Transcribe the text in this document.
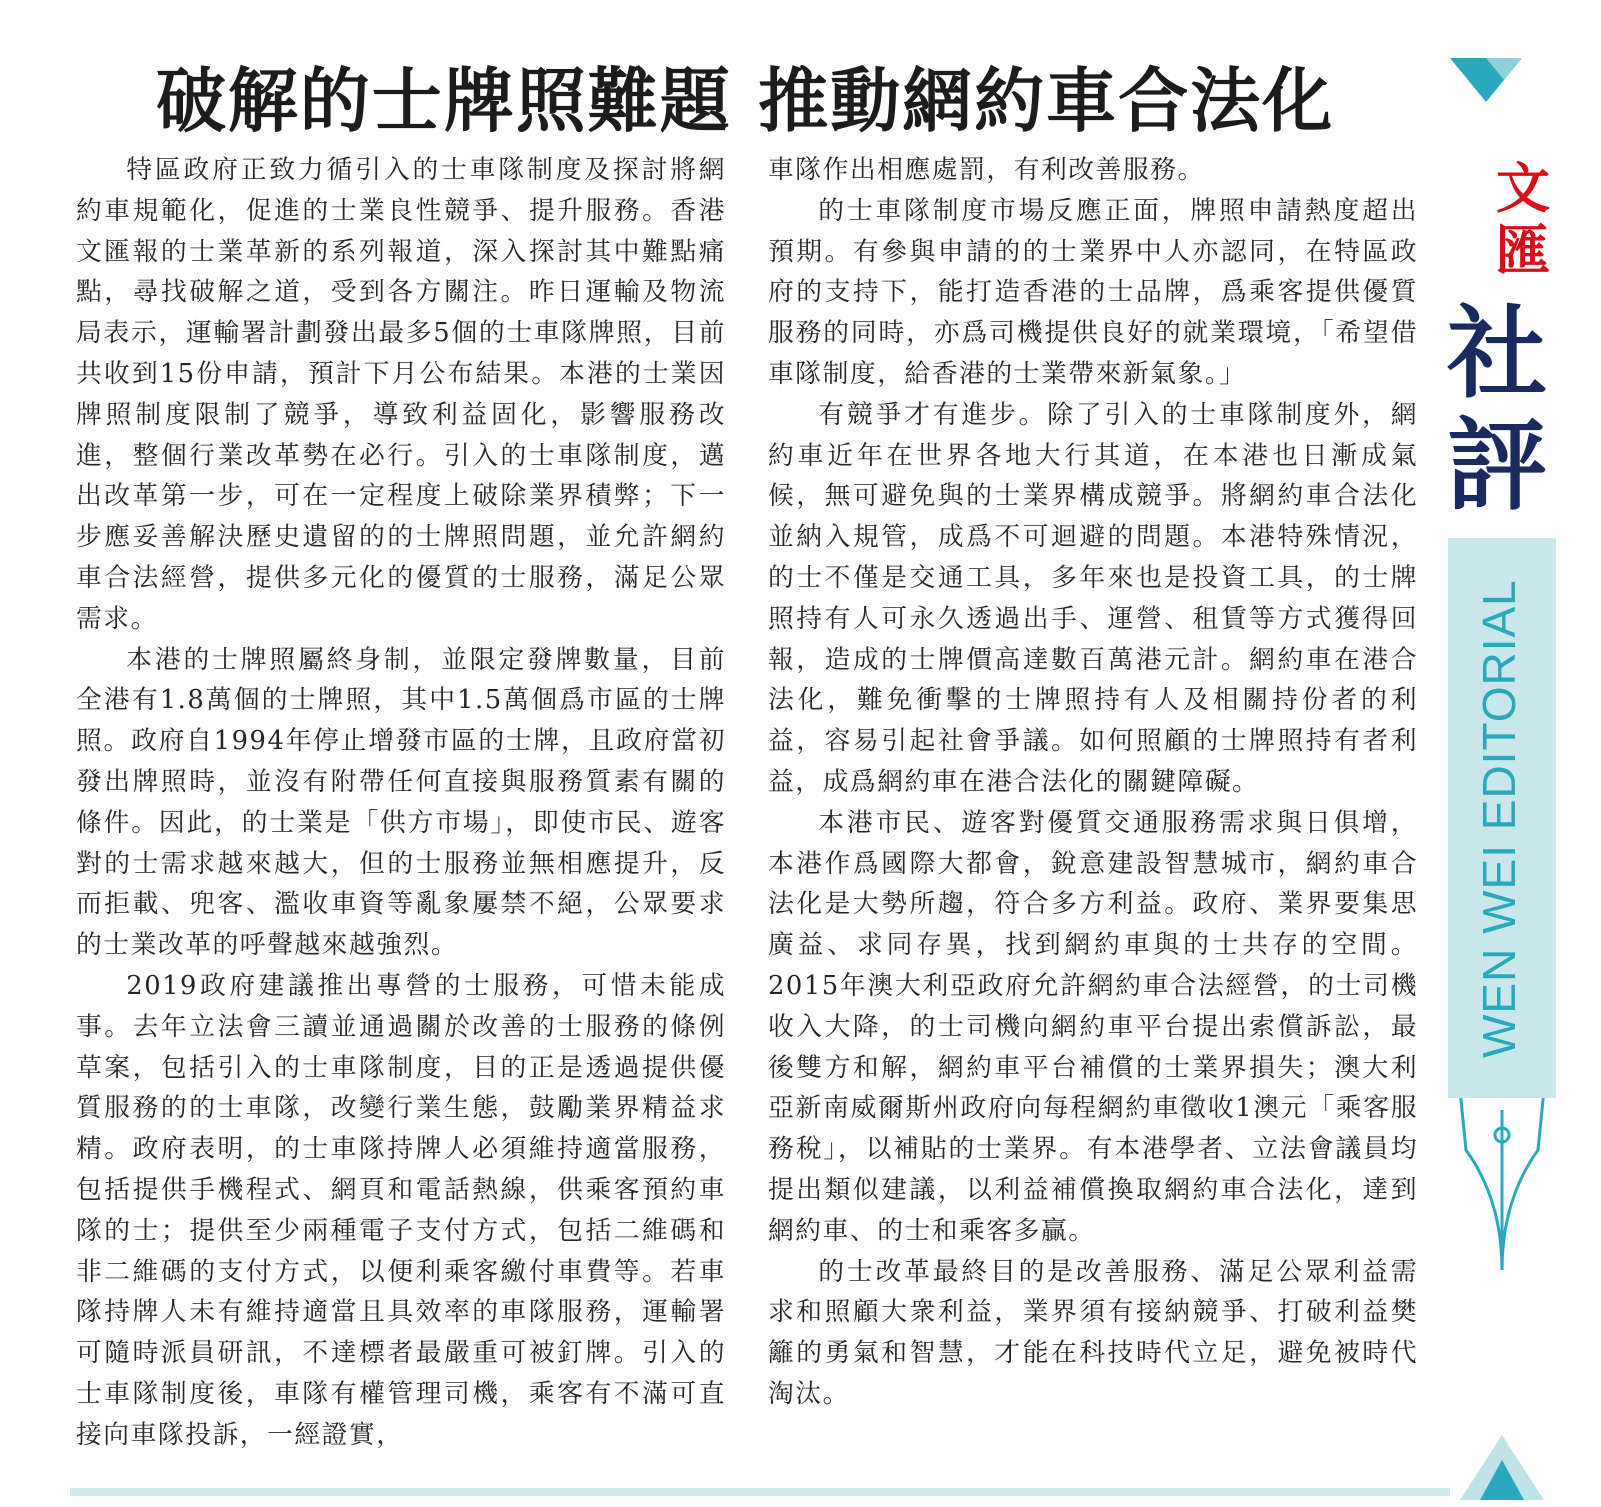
破解的士牌照難題 推動網約車合法化

特區政府正致力循引入的士車隊制度及探討將網約車規範化，促進的士業良性競爭、提升服務。香港文匯報的士業革新的系列報道，深入探討其中難點痛點，尋找破解之道，受到各方關注。昨日運輸及物流局表示，運輸署計劃發出最多5個的士車隊牌照，目前共收到15份申請，預計下月公布結果。本港的士業因牌照制度限制了競爭，導致利益固化，影響服務改進，整個行業改革勢在必行。引入的士車隊制度，邁出改革第一步，可在一定程度上破除業界積弊；下一步應妥善解決歷史遺留的的士牌照問題，並允許網約車合法經營，提供多元化的優質的士服務，滿足公眾需求。

本港的士牌照屬終身制，並限定發牌數量，目前全港有1.8萬個的士牌照，其中1.5萬個爲市區的士牌照。政府自1994年停止增發市區的士牌，且政府當初發出牌照時，並沒有附帶任何直接與服務質素有關的條件。因此，的士業是「供方市場」，即使市民、遊客對的士需求越來越大，但的士服務並無相應提升，反而拒載、兜客、濫收車資等亂象屢禁不絕，公眾要求的士業改革的呼聲越來越強烈。

2019政府建議推出專營的士服務，可惜未能成事。去年立法會三讀並通過關於改善的士服務的條例草案，包括引入的士車隊制度，目的正是透過提供優質服務的的士車隊，改變行業生態，鼓勵業界精益求精。政府表明，的士車隊持牌人必須維持適當服務，包括提供手機程式、網頁和電話熱線，供乘客預約車隊的士；提供至少兩種電子支付方式，包括二維碼和非二維碼的支付方式，以便利乘客繳付車費等。若車隊持牌人未有維持適當且具效率的車隊服務，運輸署可隨時派員研訊，不達標者最嚴重可被釘牌。引入的士車隊制度後，車隊有權管理司機，乘客有不滿可直接向車隊投訴，一經證實，

車隊作出相應處罰，有利改善服務。

的士車隊制度市場反應正面，牌照申請熱度超出預期。有參與申請的的士業界中人亦認同，在特區政府的支持下，能打造香港的士品牌，爲乘客提供優質服務的同時，亦爲司機提供良好的就業環境，「希望借車隊制度，給香港的士業帶來新氣象。」

有競爭才有進步。除了引入的士車隊制度外，網約車近年在世界各地大行其道，在本港也日漸成氣候，無可避免與的士業界構成競爭。將網約車合法化並納入規管，成爲不可迴避的問題。本港特殊情況，的士不僅是交通工具，多年來也是投資工具，的士牌照持有人可永久透過出手、運營、租賃等方式獲得回報，造成的士牌價高達數百萬港元計。網約車在港合法化，難免衝擊的士牌照持有人及相關持份者的利益，容易引起社會爭議。如何照顧的士牌照持有者利益，成爲網約車在港合法化的關鍵障礙。

本港市民、遊客對優質交通服務需求與日俱增，本港作爲國際大都會，銳意建設智慧城市，網約車合法化是大勢所趨，符合多方利益。政府、業界要集思廣益、求同存異，找到網約車與的士共存的空間。2015年澳大利亞政府允許網約車合法經營，的士司機收入大降，的士司機向網約車平台提出索償訴訟，最後雙方和解，網約車平台補償的士業界損失；澳大利亞新南威爾斯州政府向每程網約車徵收1澳元「乘客服務稅」，以補貼的士業界。有本港學者、立法會議員均提出類似建議，以利益補償換取網約車合法化，達到網約車、的士和乘客多贏。

的士改革最終目的是改善服務、滿足公眾利益需求和照顧大衆利益，業界須有接納競爭、打破利益樊籬的勇氣和智慧，才能在科技時代立足，避免被時代淘汰。

文
匯
社
評
WEN WEI EDITORIAL
